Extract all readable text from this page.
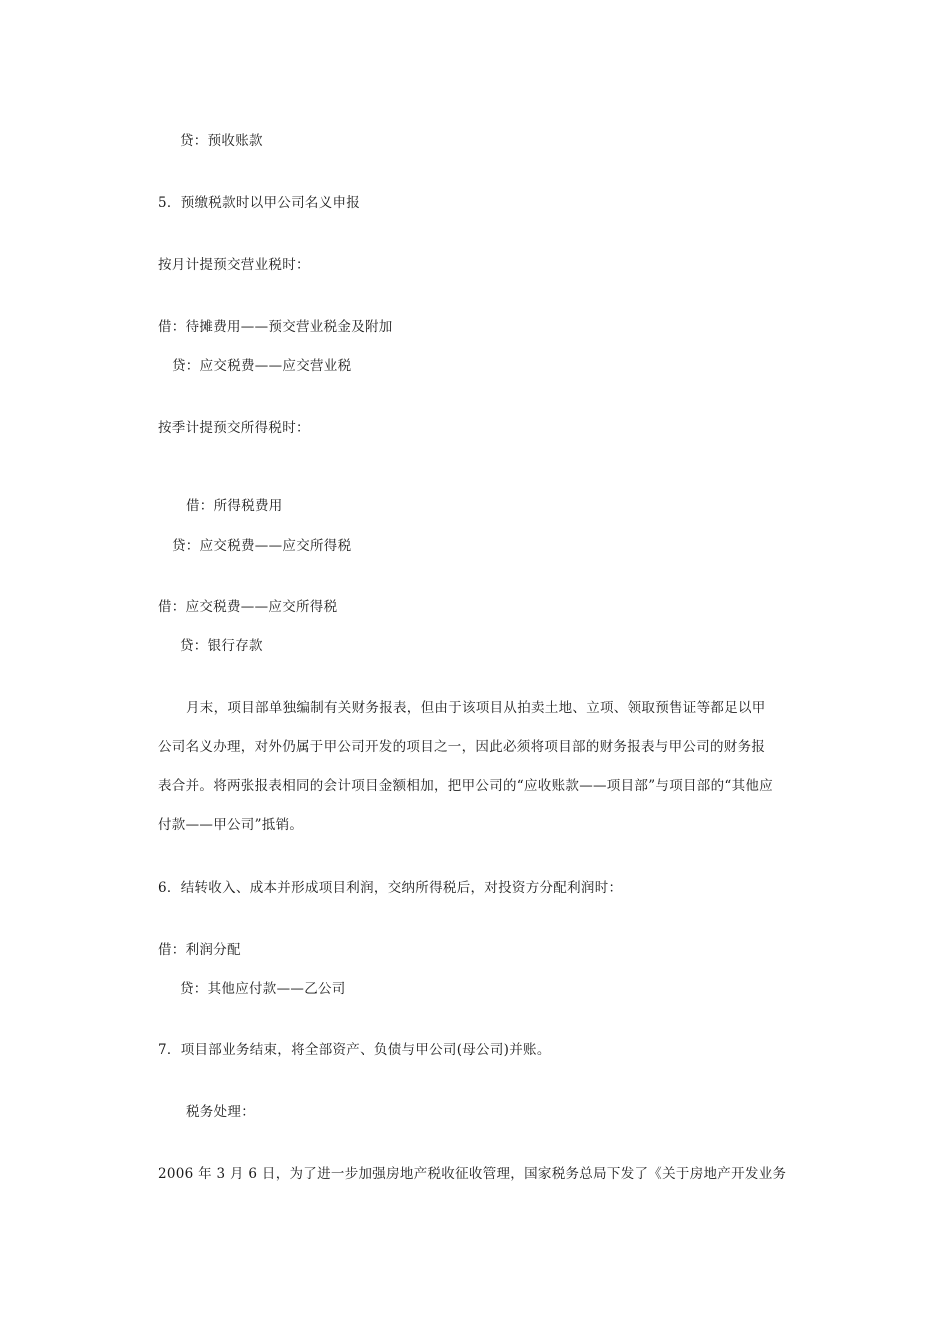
贷：预收账款
5．预缴税款时以甲公司名义申报
按月计提预交营业税时：
借：待摊费用——预交营业税金及附加
贷：应交税费——应交营业税
按季计提预交所得税时：
借：所得税费用
贷：应交税费——应交所得税
借：应交税费——应交所得税
贷：银行存款
月末，项目部单独编制有关财务报表，但由于该项目从拍卖土地、立项、领取预售证等都足以甲
公司名义办理，对外仍属于甲公司开发的项目之一，因此必须将项目部的财务报表与甲公司的财务报
表合并。将两张报表相同的会计项目金额相加，把甲公司的“应收账款——项目部”与项目部的“其他应
付款——甲公司”抵销。
6．结转收入、成本并形成项目利润，交纳所得税后，对投资方分配利润时：
借：利润分配
贷：其他应付款——乙公司
7．项目部业务结束，将全部资产、负债与甲公司(母公司)并账。
税务处理：
2006 年 3 月 6 日，为了进一步加强房地产税收征收管理，国家税务总局下发了《关于房地产开发业务
